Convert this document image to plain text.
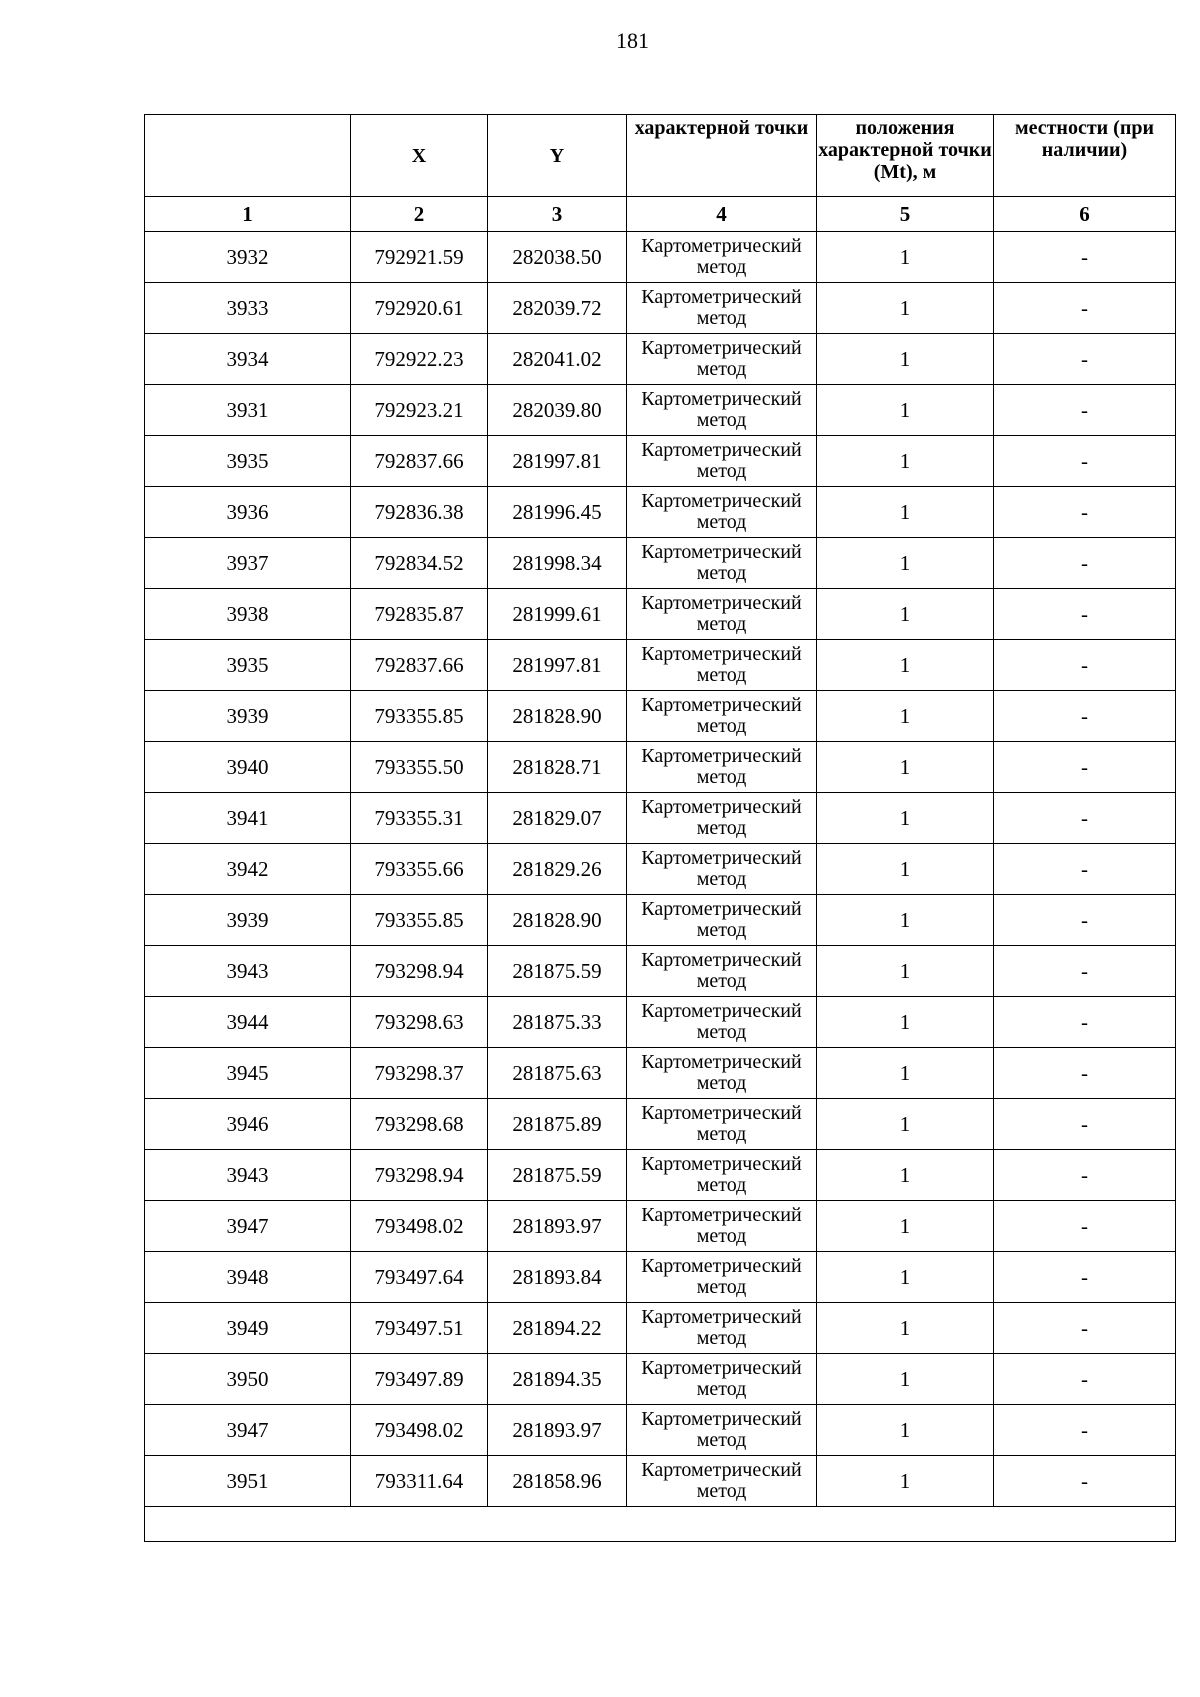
181
	X	Y	характерной точки	положения характерной точки (Mt), м	местности (при наличии)
1	2	3	4	5	6
3932	792921.59	282038.50	Картометрический метод	1	-
3933	792920.61	282039.72	Картометрический метод	1	-
3934	792922.23	282041.02	Картометрический метод	1	-
3931	792923.21	282039.80	Картометрический метод	1	-
3935	792837.66	281997.81	Картометрический метод	1	-
3936	792836.38	281996.45	Картометрический метод	1	-
3937	792834.52	281998.34	Картометрический метод	1	-
3938	792835.87	281999.61	Картометрический метод	1	-
3935	792837.66	281997.81	Картометрический метод	1	-
3939	793355.85	281828.90	Картометрический метод	1	-
3940	793355.50	281828.71	Картометрический метод	1	-
3941	793355.31	281829.07	Картометрический метод	1	-
3942	793355.66	281829.26	Картометрический метод	1	-
3939	793355.85	281828.90	Картометрический метод	1	-
3943	793298.94	281875.59	Картометрический метод	1	-
3944	793298.63	281875.33	Картометрический метод	1	-
3945	793298.37	281875.63	Картометрический метод	1	-
3946	793298.68	281875.89	Картометрический метод	1	-
3943	793298.94	281875.59	Картометрический метод	1	-
3947	793498.02	281893.97	Картометрический метод	1	-
3948	793497.64	281893.84	Картометрический метод	1	-
3949	793497.51	281894.22	Картометрический метод	1	-
3950	793497.89	281894.35	Картометрический метод	1	-
3947	793498.02	281893.97	Картометрический метод	1	-
3951	793311.64	281858.96	Картометрический метод	1	-
